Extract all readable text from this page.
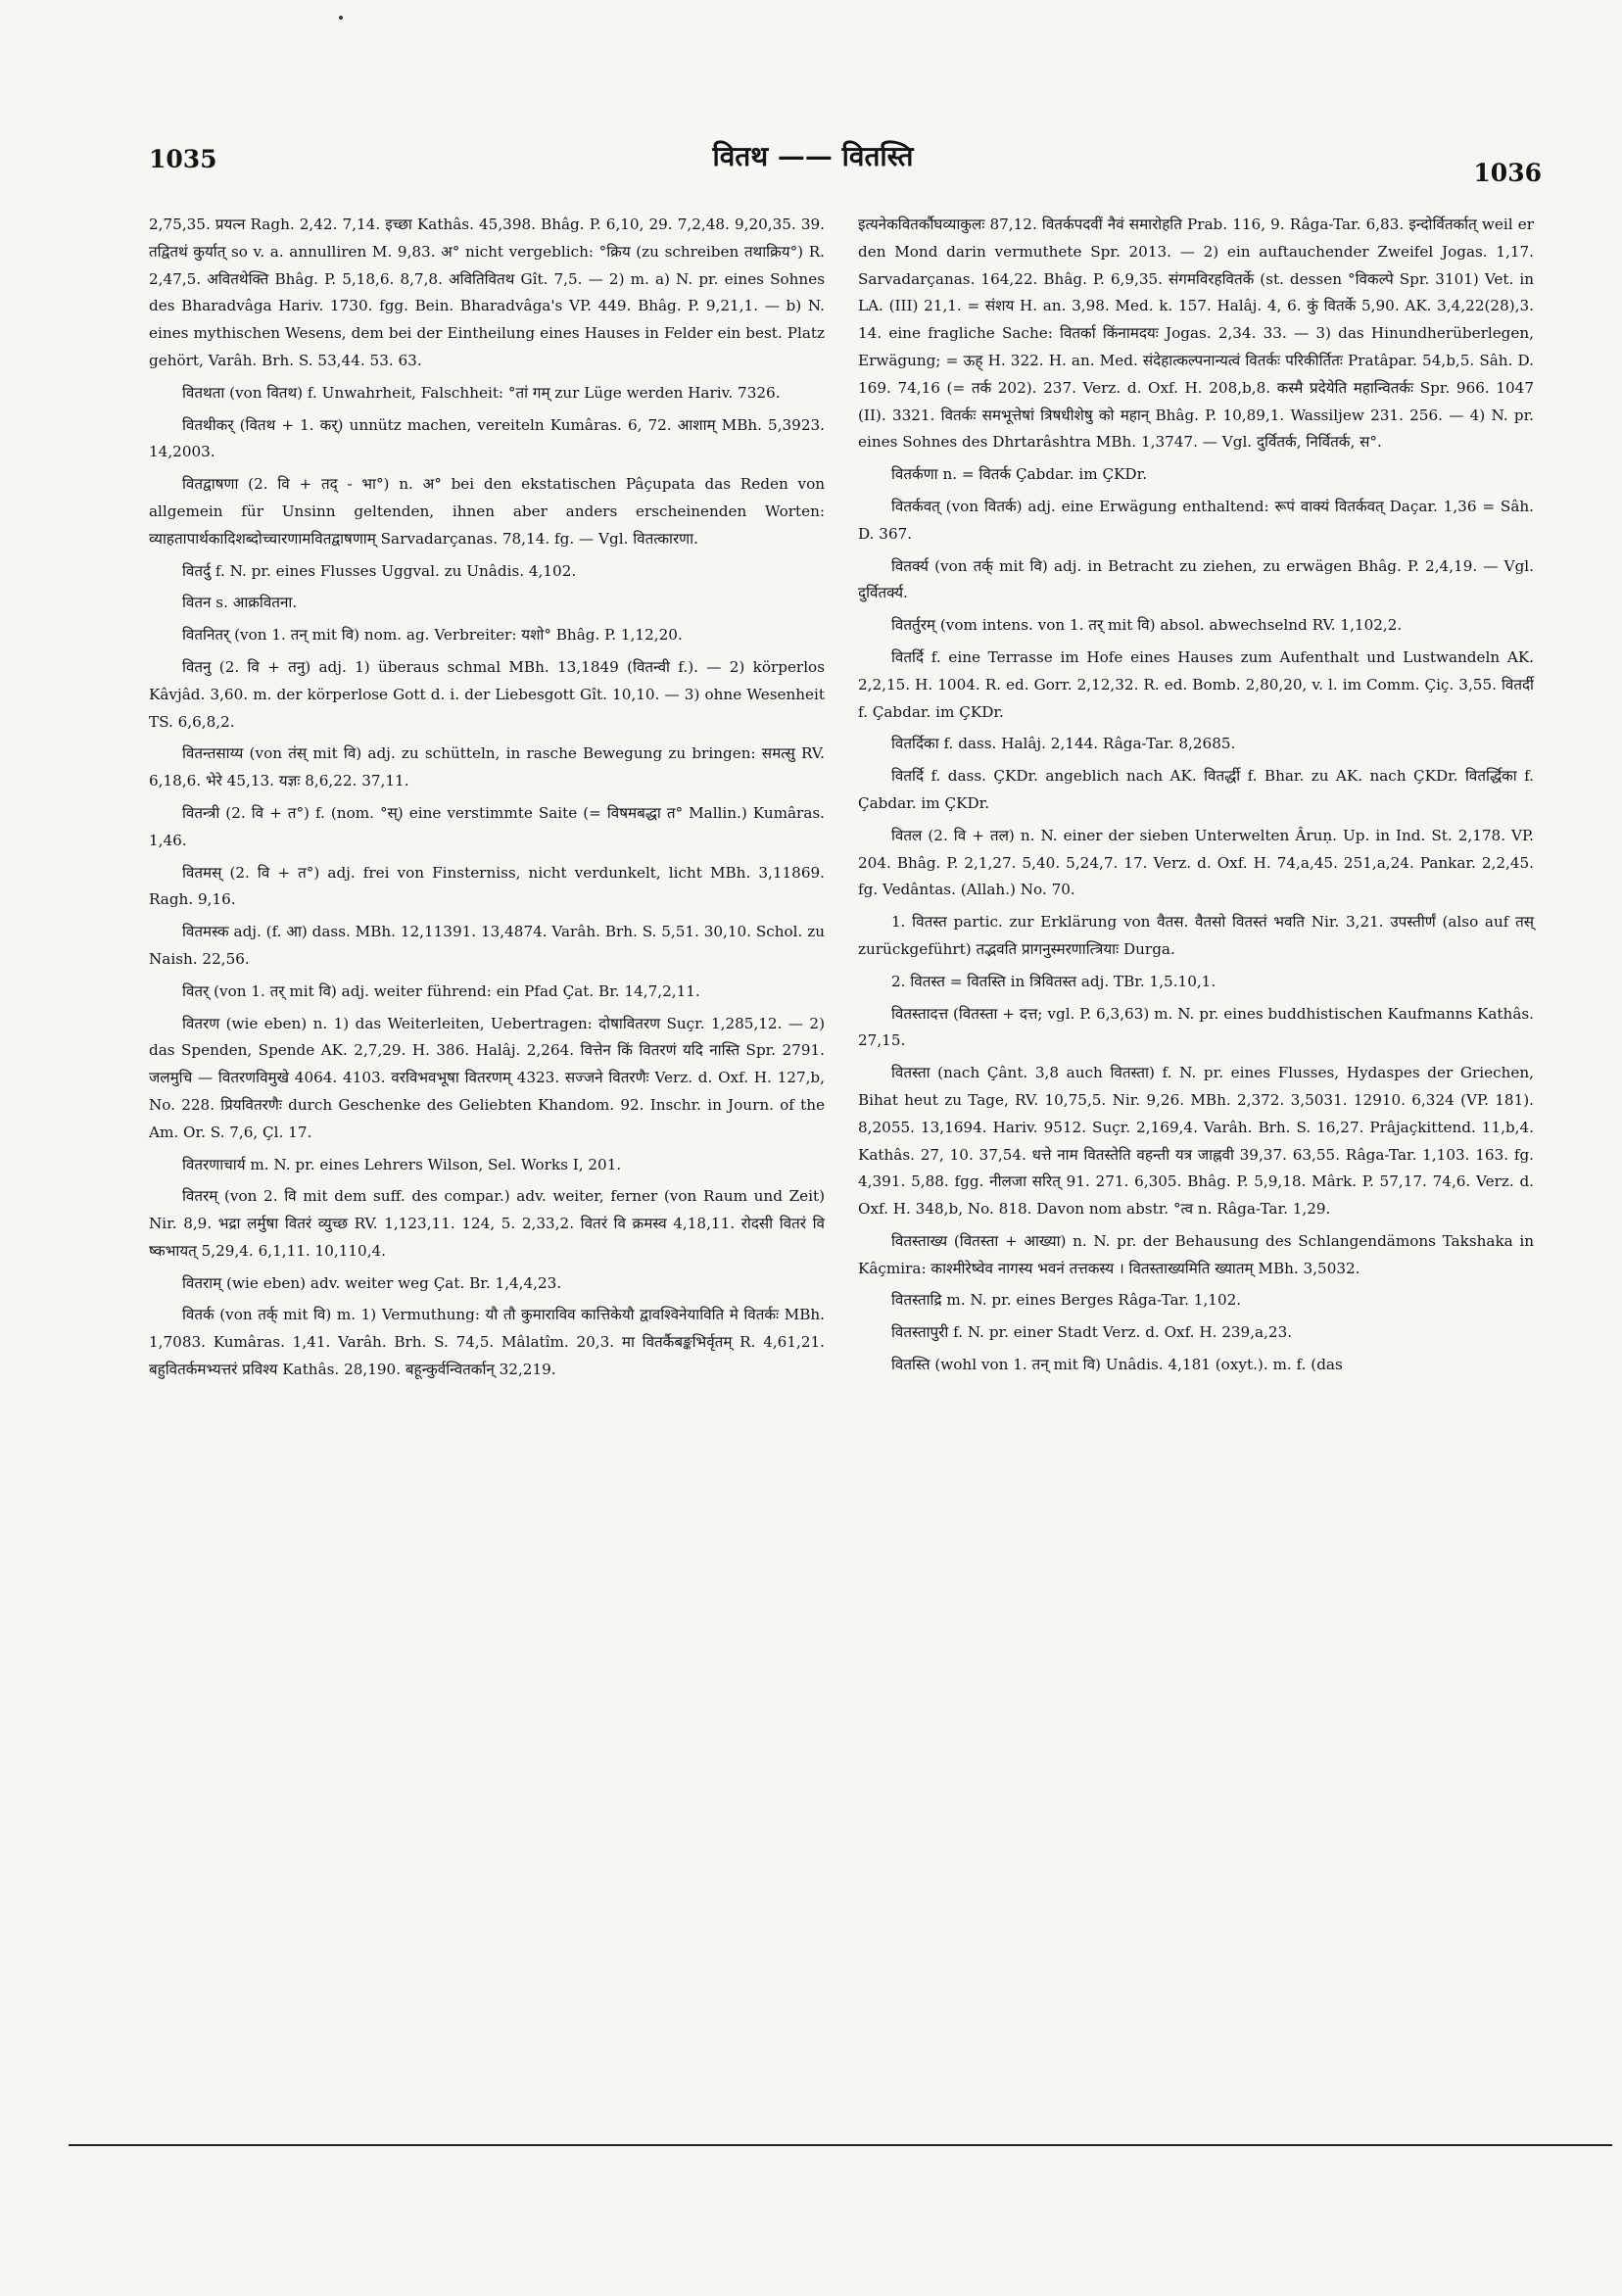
1035	वितथ —— वितस्ति
1036

2,75,35. प्रयत्न Ragh. 2,42. 7,14. इच्छा Kathâs. 45,398. Bhâg. P. 6,10, 29. 7,2,48. 9,20,35. 39. तद्वितथं कुर्यात् so v. a. annulliren M. 9,83. अ° nicht vergeblich: °क्रिय (zu schreiben तथाक्रिय°) R. 2,47,5. अवितथेक्ति Bhâg. P. 5,18,6. 8,7,8. अवितिवितथ Gît. 7,5. — 2) m. a) N. pr. eines Sohnes des Bharadvâga Hariv. 1730. fgg. Bein. Bharadvâga's VP. 449. Bhâg. P. 9,21,1. — b) N. eines mythischen Wesens, dem bei der Eintheilung eines Hauses in Felder ein best. Platz gehört, Varâh. Brh. S. 53,44. 53. 63.

वितथता (von वितथ) f. Unwahrheit, Falschheit: °तां गम् zur Lüge werden Hariv. 7326.

वितथीकर् (वितथ + 1. कर्) unnütz machen, vereiteln Kumâras. 6, 72. आशाम् MBh. 5,3923. 14,2003.

वितद्वाषणा (2. वि + तद् - भा°) n. अ° bei den ekstatischen Pâçupata das Reden von allgemein für Unsinn geltenden, ihnen aber anders erscheinenden Worten: व्याहतापार्थकादिशब्दोच्चारणामवितद्वाषणाम् Sarvadarçanas. 78,14. fg. — Vgl. वितत्कारणा.

वितर्दु f. N. pr. eines Flusses Uggval. zu Unâdis. 4,102.

वितन s. आक्रवितना.

वितनितर् (von 1. तन् mit वि) nom. ag. Verbreiter: यशो° Bhâg. P. 1,12,20.

वितनु (2. वि + तनु) adj. 1) überaus schmal MBh. 13,1849 (वितन्वी f.). — 2) körperlos Kâvjâd. 3,60. m. der körperlose Gott d. i. der Liebesgott Gît. 10,10. — 3) ohne Wesenheit TS. 6,6,8,2.

वितन्तसाय्य (von तंस् mit वि) adj. zu schütteln, in rasche Bewegung zu bringen: समत्सु RV. 6,18,6. भेरे 45,13. यज्ञः 8,6,22. 37,11.

वितन्त्री (2. वि + त°) f. (nom. °स्) eine verstimmte Saite (= विषमबद्धा त° Mallin.) Kumâras. 1,46.

वितमस् (2. वि + त°) adj. frei von Finsterniss, nicht verdunkelt, licht MBh. 3,11869. Ragh. 9,16.

वितमस्क adj. (f. आ) dass. MBh. 12,11391. 13,4874. Varâh. Brh. S. 5,51. 30,10. Schol. zu Naish. 22,56.

वितर् (von 1. तर् mit वि) adj. weiter führend: ein Pfad Çat. Br. 14,7,2,11.

वितरण (wie eben) n. 1) das Weiterleiten, Uebertragen: दोषावितरण Suçr. 1,285,12. — 2) das Spenden, Spende AK. 2,7,29. H. 386. Halâj. 2,264. वित्तेन किं वितरणं यदि नास्ति Spr. 2791. जलमुचि — वितरणविमुखे 4064. 4103. वरविभवभूषा वितरणम् 4323. सज्जने वितरणैः Verz. d. Oxf. H. 127,b, No. 228. प्रियवितरणैः durch Geschenke des Geliebten Khandom. 92. Inschr. in Journ. of the Am. Or. S. 7,6, Çl. 17.

वितरणाचार्य m. N. pr. eines Lehrers Wilson, Sel. Works I, 201.

वितरम् (von 2. वि mit dem suff. des compar.) adv. weiter, ferner (von Raum und Zeit) Nir. 8,9. भद्रा लर्मुषा वितरं व्युच्छ RV. 1,123,11. 124, 5. 2,33,2. वितरं वि क्रमस्व 4,18,11. रोदसी वितरं वि ष्कभायत् 5,29,4. 6,1,11. 10,110,4.

वितराम् (wie eben) adv. weiter weg Çat. Br. 1,4,4,23.

वितर्क (von तर्क् mit वि) m. 1) Vermuthung: यौ तौ कुमाराविव कात्तिकेयौ द्वावश्विनेयाविति मे वितर्कः MBh. 1,7083. Kumâras. 1,41. Varâh. Brh. S. 74,5. Mâlatîm. 20,3. मा वितर्कैबङ्कभिर्वृतम् R. 4,61,21. बहुवितर्कमभ्यत्तरं प्रविश्य Kathâs. 28,190. बहून्कुर्वन्वितर्कान् 32,219.

इत्यनेकवितर्कौघव्याकुलः 87,12. वितर्कपदवीं नैवं समारोहति Prab. 116, 9. Râga-Tar. 6,83. इन्दोर्वितर्कात् weil er den Mond darin vermuthete Spr. 2013. — 2) ein auftauchender Zweifel Jogas. 1,17. Sarvadarçanas. 164,22. Bhâg. P. 6,9,35. संगमविरहवितर्के (st. dessen °विकल्पे Spr. 3101) Vet. in LA. (III) 21,1. = संशय H. an. 3,98. Med. k. 157. Halâj. 4, 6. कुं वितर्के 5,90. AK. 3,4,22(28),3. 14. eine fragliche Sache: वितर्का किंनामदयः Jogas. 2,34. 33. — 3) das Hinundherüberlegen, Erwägung; = ऊह् H. 322. H. an. Med. संदेहात्कल्पनान्यत्वं वितर्कः परिकीर्तितः Pratâpar. 54,b,5. Sâh. D. 169. 74,16 (= तर्क 202). 237. Verz. d. Oxf. H. 208,b,8. कस्मै प्रदेयेति महान्वितर्कः Spr. 966. 1047 (II). 3321. वितर्कः समभूत्तेषां त्रिषधीशेषु को महान् Bhâg. P. 10,89,1. Wassiljew 231. 256. — 4) N. pr. eines Sohnes des Dhrtarâshtra MBh. 1,3747. — Vgl. दुर्वितर्क, निर्वितर्क, स°.

वितर्कणा n. = वितर्क Çabdar. im ÇKDr.

वितर्कवत् (von वितर्क) adj. eine Erwägung enthaltend: रूपं वाक्यं वितर्कवत् Daçar. 1,36 = Sâh. D. 367.

वितर्क्य (von तर्क् mit वि) adj. in Betracht zu ziehen, zu erwägen Bhâg. P. 2,4,19. — Vgl. दुर्वितर्क्य.

वितर्तुरम् (vom intens. von 1. तर् mit वि) absol. abwechselnd RV. 1,102,2.

वितर्दि f. eine Terrasse im Hofe eines Hauses zum Aufenthalt und Lustwandeln AK. 2,2,15. H. 1004. R. ed. Gorr. 2,12,32. R. ed. Bomb. 2,80,20, v. l. im Comm. Çiç. 3,55. वितर्दी f. Çabdar. im ÇKDr.

वितर्दिका f. dass. Halâj. 2,144. Râga-Tar. 8,2685.

वितर्दि f. dass. ÇKDr. angeblich nach AK. वितर्द्धी f. Bhar. zu AK. nach ÇKDr. वितर्द्धिका f. Çabdar. im ÇKDr.

वितल (2. वि + तल) n. N. einer der sieben Unterwelten Âruṇ. Up. in Ind. St. 2,178. VP. 204. Bhâg. P. 2,1,27. 5,40. 5,24,7. 17. Verz. d. Oxf. H. 74,a,45. 251,a,24. Pankar. 2,2,45. fg. Vedântas. (Allah.) No. 70.

1. वितस्त partic. zur Erklärung von वैतस. वैतसो वितस्तं भवति Nir. 3,21. उपस्तीर्णं (also auf तस् zurückgeführt) तद्भवति प्रागनुस्मरणात्त्रियाः Durga.

2. वितस्त = वितस्ति in त्रिवितस्त adj. TBr. 1,5.10,1.

वितस्तादत्त (वितस्ता + दत्त; vgl. P. 6,3,63) m. N. pr. eines buddhistischen Kaufmanns Kathâs. 27,15.

वितस्ता (nach Çânt. 3,8 auch वितस्ता) f. N. pr. eines Flusses, Hydaspes der Griechen, Bihat heut zu Tage, RV. 10,75,5. Nir. 9,26. MBh. 2,372. 3,5031. 12910. 6,324 (VP. 181). 8,2055. 13,1694. Hariv. 9512. Suçr. 2,169,4. Varâh. Brh. S. 16,27. Prâjaçkittend. 11,b,4. Kathâs. 27, 10. 37,54. धत्ते नाम वितस्तेति वहन्ती यत्र जाह्नवी 39,37. 63,55. Râga-Tar. 1,103. 163. fg. 4,391. 5,88. fgg. नीलजा सरित् 91. 271. 6,305. Bhâg. P. 5,9,18. Mârk. P. 57,17. 74,6. Verz. d. Oxf. H. 348,b, No. 818. Davon nom abstr. °त्व n. Râga-Tar. 1,29.

वितस्ताख्य (वितस्ता + आख्या) n. N. pr. der Behausung des Schlangendämons Takshaka in Kâçmira: काश्मीरेष्वेव नागस्य भवनं तत्तकस्य । वितस्ताख्यमिति ख्यातम् MBh. 3,5032.

वितस्ताद्रि m. N. pr. eines Berges Râga-Tar. 1,102.

वितस्तापुरी f. N. pr. einer Stadt Verz. d. Oxf. H. 239,a,23.

वितस्ति (wohl von 1. तन् mit वि) Unâdis. 4,181 (oxyt.). m. f. (das
